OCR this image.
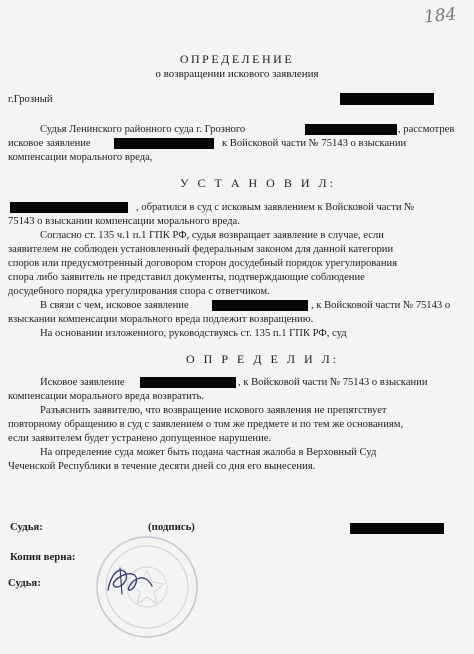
184
ОПРЕДЕЛЕНИЕ
о возвращении искового заявления
г.Грозный
Судья Ленинского районного суда г. Грозного	, рассмотрев
исковое заявление	к Войсковой части № 75143 о взыскании
компенсации морального вреда,
У С Т А Н О В И Л:
, обратился в суд с исковым заявлением к Войсковой части №
75143 о взыскании компенсации морального вреда.
Согласно ст. 135 ч.1 п.1 ГПК РФ, судья возвращает заявление в случае, если
заявителем не соблюден установленный федеральным законом для данной категории
споров или предусмотренный договором сторон досудебный порядок урегулирования
спора либо заявитель не представил документы, подтверждающие соблюдение
досудебного порядка урегулирования спора с ответчиком.
В связи с чем, исковое заявление	, к Войсковой части № 75143 о
взыскании компенсации морального вреда подлежит возвращению.
На основании изложенного, руководствуясь ст. 135 п.1 ГПК РФ, суд
О П Р Е Д Е Л И Л:
Исковое заявление	, к Войсковой части № 75143 о взыскании
компенсации морального вреда возвратить.
Разъяснить заявителю, что возвращение искового заявления не препятствует
повторному обращению в суд с заявлением о том же предмете и по тем же основаниям,
если заявителем будет устранено допущенное нарушение.
На определение суда может быть подана частная жалоба в Верховный Суд
Чеченской Республики в течение десяти дней со дня его вынесения.
Судья:	(подпись)
Копия верна:
Судья:
